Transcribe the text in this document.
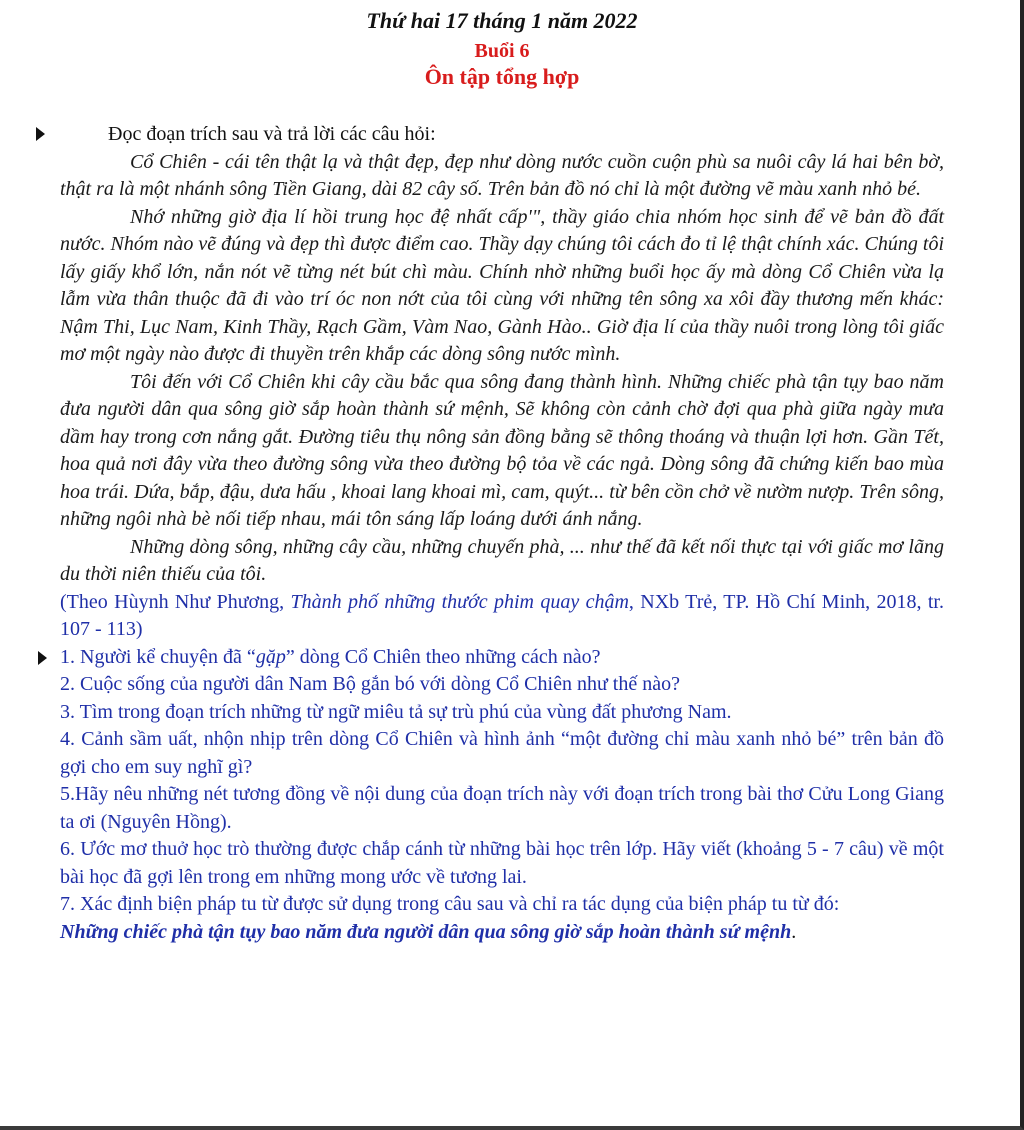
Thứ hai 17 tháng 1 năm 2022
Buổi 6
Ôn tập tổng hợp

Đọc đoạn trích sau và trả lời các câu hỏi:

Cổ Chiên - cái tên thật lạ và thật đẹp, đẹp như dòng nước cuồn cuộn phù sa nuôi cây lá hai bên bờ, thật ra là một nhánh sông Tiền Giang, dài 82 cây số. Trên bản đồ nó chỉ là một đường vẽ màu xanh nhỏ bé.

Nhớ những giờ địa lí hồi trung học đệ nhất cấp'", thầy giáo chia nhóm học sinh để vẽ bản đồ đất nước. Nhóm nào vẽ đúng và đẹp thì được điểm cao. Thầy dạy chúng tôi cách đo tỉ lệ thật chính xác. Chúng tôi lấy giấy khổ lớn, nắn nót vẽ từng nét bút chì màu. Chính nhờ những buổi học ấy mà dòng Cổ Chiên vừa lạ lẫm vừa thân thuộc đã đi vào trí óc non nớt của tôi cùng với những tên sông xa xôi đầy thương mến khác: Nậm Thi, Lục Nam, Kinh Thầy, Rạch Gầm, Vàm Nao, Gành Hào.. Giờ địa lí của thầy nuôi trong lòng tôi giấc mơ một ngày nào được đi thuyền trên khắp các dòng sông nước mình.

Tôi đến với Cổ Chiên khi cây cầu bắc qua sông đang thành hình. Những chiếc phà tận tụy bao năm đưa người dân qua sông giờ sắp hoàn thành sứ mệnh, Sẽ không còn cảnh chờ đợi qua phà giữa ngày mưa dầm hay trong cơn nắng gắt. Đường tiêu thụ nông sản đồng bằng sẽ thông thoáng và thuận lợi hơn. Gần Tết, hoa quả nơi đây vừa theo đường sông vừa theo đường bộ tỏa về các ngả. Dòng sông đã chứng kiến bao mùa hoa trái. Dứa, bắp, đậu, dưa hấu , khoai lang khoai mì, cam, quýt... từ bên cồn chở về nườm nượp. Trên sông, những ngôi nhà bè nối tiếp nhau, mái tôn sáng lấp loáng dưới ánh nắng.

Những dòng sông, những cây cầu, những chuyến phà, ... như thế đã kết nối thực tại với giấc mơ lãng du thời niên thiếu của tôi.

(Theo Hùynh Như Phương, Thành phố những thước phim quay chậm, NXb Trẻ, TP. Hồ Chí Minh, 2018, tr. 107 - 113)

1. Người kể chuyện đã “gặp” dòng Cổ Chiên theo những cách nào?

2. Cuộc sống của người dân Nam Bộ gắn bó với dòng Cổ Chiên như thế nào?

3. Tìm trong đoạn trích những từ ngữ miêu tả sự trù phú của vùng đất phương Nam.

4. Cảnh sầm uất, nhộn nhịp trên dòng Cổ Chiên và hình ảnh “một đường chỉ màu xanh nhỏ bé” trên bản đồ gợi cho em suy nghĩ gì?

5.Hãy nêu những nét tương đồng về nội dung của đoạn trích này với đoạn trích trong bài thơ Cửu Long Giang ta ơi (Nguyên Hồng).

6. Ước mơ thuở học trò thường được chắp cánh từ những bài học trên lớp. Hãy viết (khoảng 5 - 7 câu) về một bài học đã gợi lên trong em những mong ước về tương lai.

7. Xác định biện pháp tu từ được sử dụng trong câu sau và chỉ ra tác dụng của biện pháp tu từ đó:

Những chiếc phà tận tụy bao năm đưa người dân qua sông giờ sắp hoàn thành sứ mệnh.
